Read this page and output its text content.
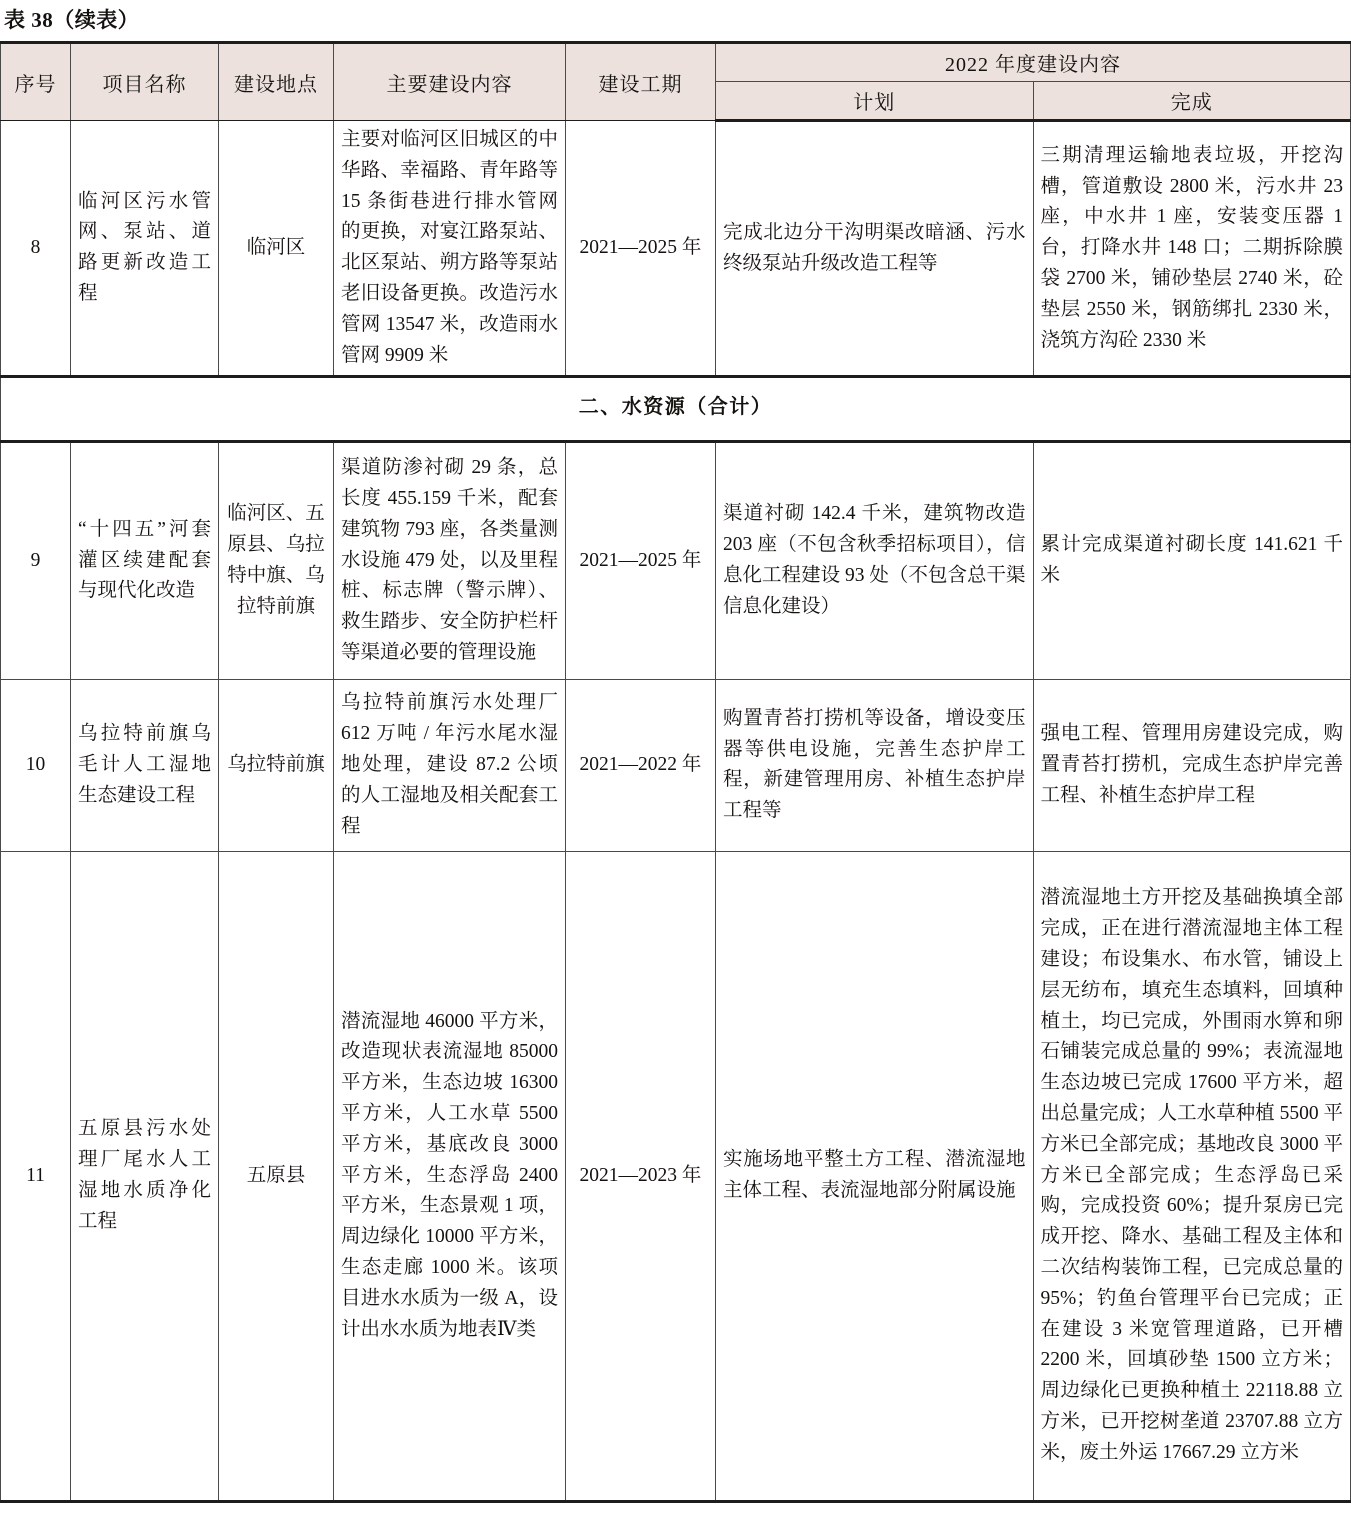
表 38（续表）
序号	项目名称	建设地点	主要建设内容	建设工期	2022 年度建设内容	
					计划	完成
8	临河区污水管网、泵站、道路更新改造工程	临河区	主要对临河区旧城区的中华路、幸福路、青年路等 15 条街巷进行排水管网的更换，对宴江路泵站、北区泵站、朔方路等泵站老旧设备更换。改造污水管网 13547 米，改造雨水管网 9909 米	2021—2025 年	完成北边分干沟明渠改暗涵、污水终级泵站升级改造工程等	三期清理运输地表垃圾，开挖沟槽，管道敷设 2800 米，污水井 23 座，中水井 1 座，安装变压器 1 台，打降水井 148 口；二期拆除膜袋 2700 米，铺砂垫层 2740 米，砼垫层 2550 米，钢筋绑扎 2330 米，浇筑方沟砼 2330 米
二、水资源（合计）						
9	“十四五”河套灌区续建配套与现代化改造	临河区、五原县、乌拉特中旗、乌拉特前旗	渠道防渗衬砌 29 条，总长度 455.159 千米，配套建筑物 793 座，各类量测水设施 479 处，以及里程桩、标志牌（警示牌）、救生踏步、安全防护栏杆等渠道必要的管理设施	2021—2025 年	渠道衬砌 142.4 千米，建筑物改造 203 座（不包含秋季招标项目），信息化工程建设 93 处（不包含总干渠信息化建设）	累计完成渠道衬砌长度 141.621 千米
10	乌拉特前旗乌毛计人工湿地生态建设工程	乌拉特前旗	乌拉特前旗污水处理厂 612 万吨 / 年污水尾水湿地处理，建设 87.2 公顷的人工湿地及相关配套工程	2021—2022 年	购置青苔打捞机等设备，增设变压器等供电设施，完善生态护岸工程，新建管理用房、补植生态护岸工程等	强电工程、管理用房建设完成，购置青苔打捞机，完成生态护岸完善工程、补植生态护岸工程
11	五原县污水处理厂尾水人工湿地水质净化工程	五原县	潜流湿地 46000 平方米，改造现状表流湿地 85000 平方米，生态边坡 16300 平方米，人工水草 5500 平方米，基底改良 3000 平方米，生态浮岛 2400 平方米，生态景观 1 项，周边绿化 10000 平方米，生态走廊 1000 米。该项目进水水质为一级 A，设计出水水质为地表Ⅳ类	2021—2023 年	实施场地平整土方工程、潜流湿地主体工程、表流湿地部分附属设施	潜流湿地土方开挖及基础换填全部完成，正在进行潜流湿地主体工程建设；布设集水、布水管，铺设上层无纺布，填充生态填料，回填种植土，均已完成，外围雨水箅和卵石铺装完成总量的 99%；表流湿地生态边坡已完成 17600 平方米，超出总量完成；人工水草种植 5500 平方米已全部完成；基地改良 3000 平方米已全部完成；生态浮岛已采购，完成投资 60%；提升泵房已完成开挖、降水、基础工程及主体和二次结构装饰工程，已完成总量的 95%；钓鱼台管理平台已完成；正在建设 3 米宽管理道路，已开槽 2200 米，回填砂垫 1500 立方米；周边绿化已更换种植土 22118.88 立方米，已开挖树垄道 23707.88 立方米，废土外运 17667.29 立方米
